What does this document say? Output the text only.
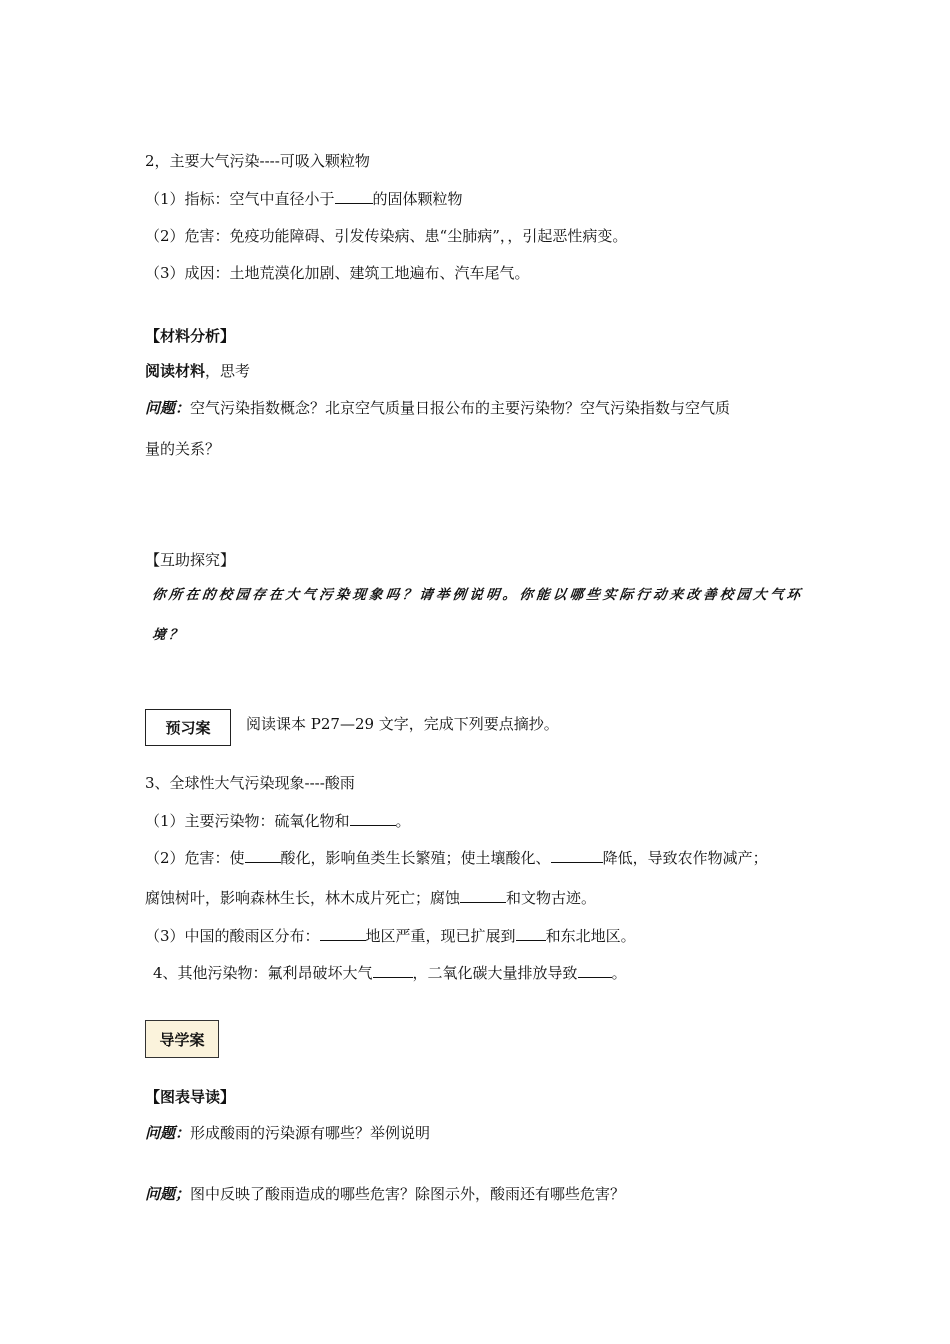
2，主要大气污染----可吸入颗粒物
（1）指标：空气中直径小于	的固体颗粒物
（2）危害：免疫功能障碍、引发传染病、患“尘肺病”，，引起恶性病变。
（3）成因：土地荒漠化加剧、建筑工地遍布、汽车尾气。
【材料分析】
阅读材料，思考
问题：空气污染指数概念？北京空气质量日报公布的主要污染物？空气污染指数与空气质
量的关系？
【互助探究】
你所在的校园存在大气污染现象吗？请举例说明。你能以哪些实际行动来改善校园大气环
境？
预习案 阅读课本 P27—29 文字，完成下列要点摘抄。
3、全球性大气污染现象----酸雨
（1）主要污染物：硫氧化物和	。
（2）危害：使 酸化，影响鱼类生长繁殖；使土壤酸化、	降低，导致农作物减产；
腐蚀树叶，影响森林生长，林木成片死亡；腐蚀	和文物古迹。
（3）中国的酸雨区分布：	地区严重，现已扩展到 和东北地区。
4、其他污染物：氟利昂破坏大气	，二氧化碳大量排放导致 。
导学案
【图表导读】
问题：形成酸雨的污染源有哪些？举例说明
问题；图中反映了酸雨造成的哪些危害？除图示外，酸雨还有哪些危害？
